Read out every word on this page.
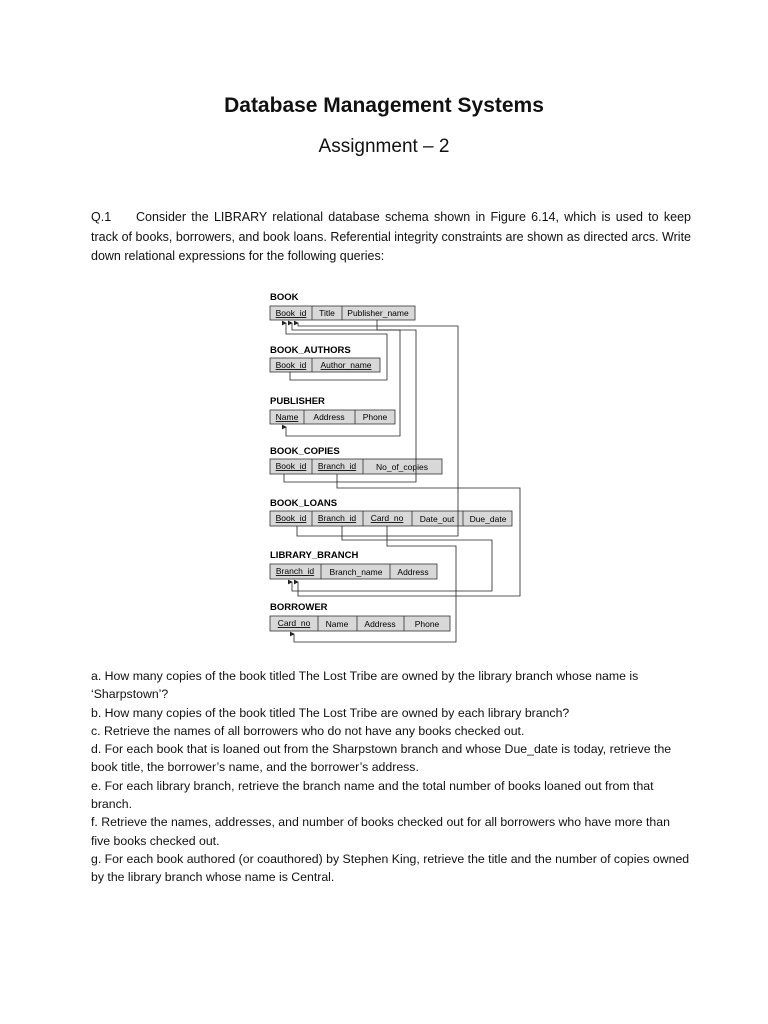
Database Management Systems
Assignment – 2
Q.1 Consider the LIBRARY relational database schema shown in Figure 6.14, which is used to keep track of books, borrowers, and book loans. Referential integrity constraints are shown as directed arcs. Write down relational expressions for the following queries:
BOOK
Book_id Title Publisher_name
BOOK_AUTHORS
Book_id Author_name
PUBLISHER
Name Address Phone
BOOK_COPIES
Book_id Branch_id No_of_copies
BOOK_LOANS
Book_id Branch_id Card_no Date_out Due_date
LIBRARY_BRANCH
Branch_id Branch_name Address
BORROWER
Card_no Name Address Phone
a. How many copies of the book titled The Lost Tribe are owned by the library branch whose name is ‘Sharpstown’?
b. How many copies of the book titled The Lost Tribe are owned by each library branch?
c. Retrieve the names of all borrowers who do not have any books checked out.
d. For each book that is loaned out from the Sharpstown branch and whose Due_date is today, retrieve the book title, the borrower’s name, and the borrower’s address.
e. For each library branch, retrieve the branch name and the total number of books loaned out from that branch.
f. Retrieve the names, addresses, and number of books checked out for all borrowers who have more than five books checked out.
g. For each book authored (or coauthored) by Stephen King, retrieve the title and the number of copies owned by the library branch whose name is Central.
